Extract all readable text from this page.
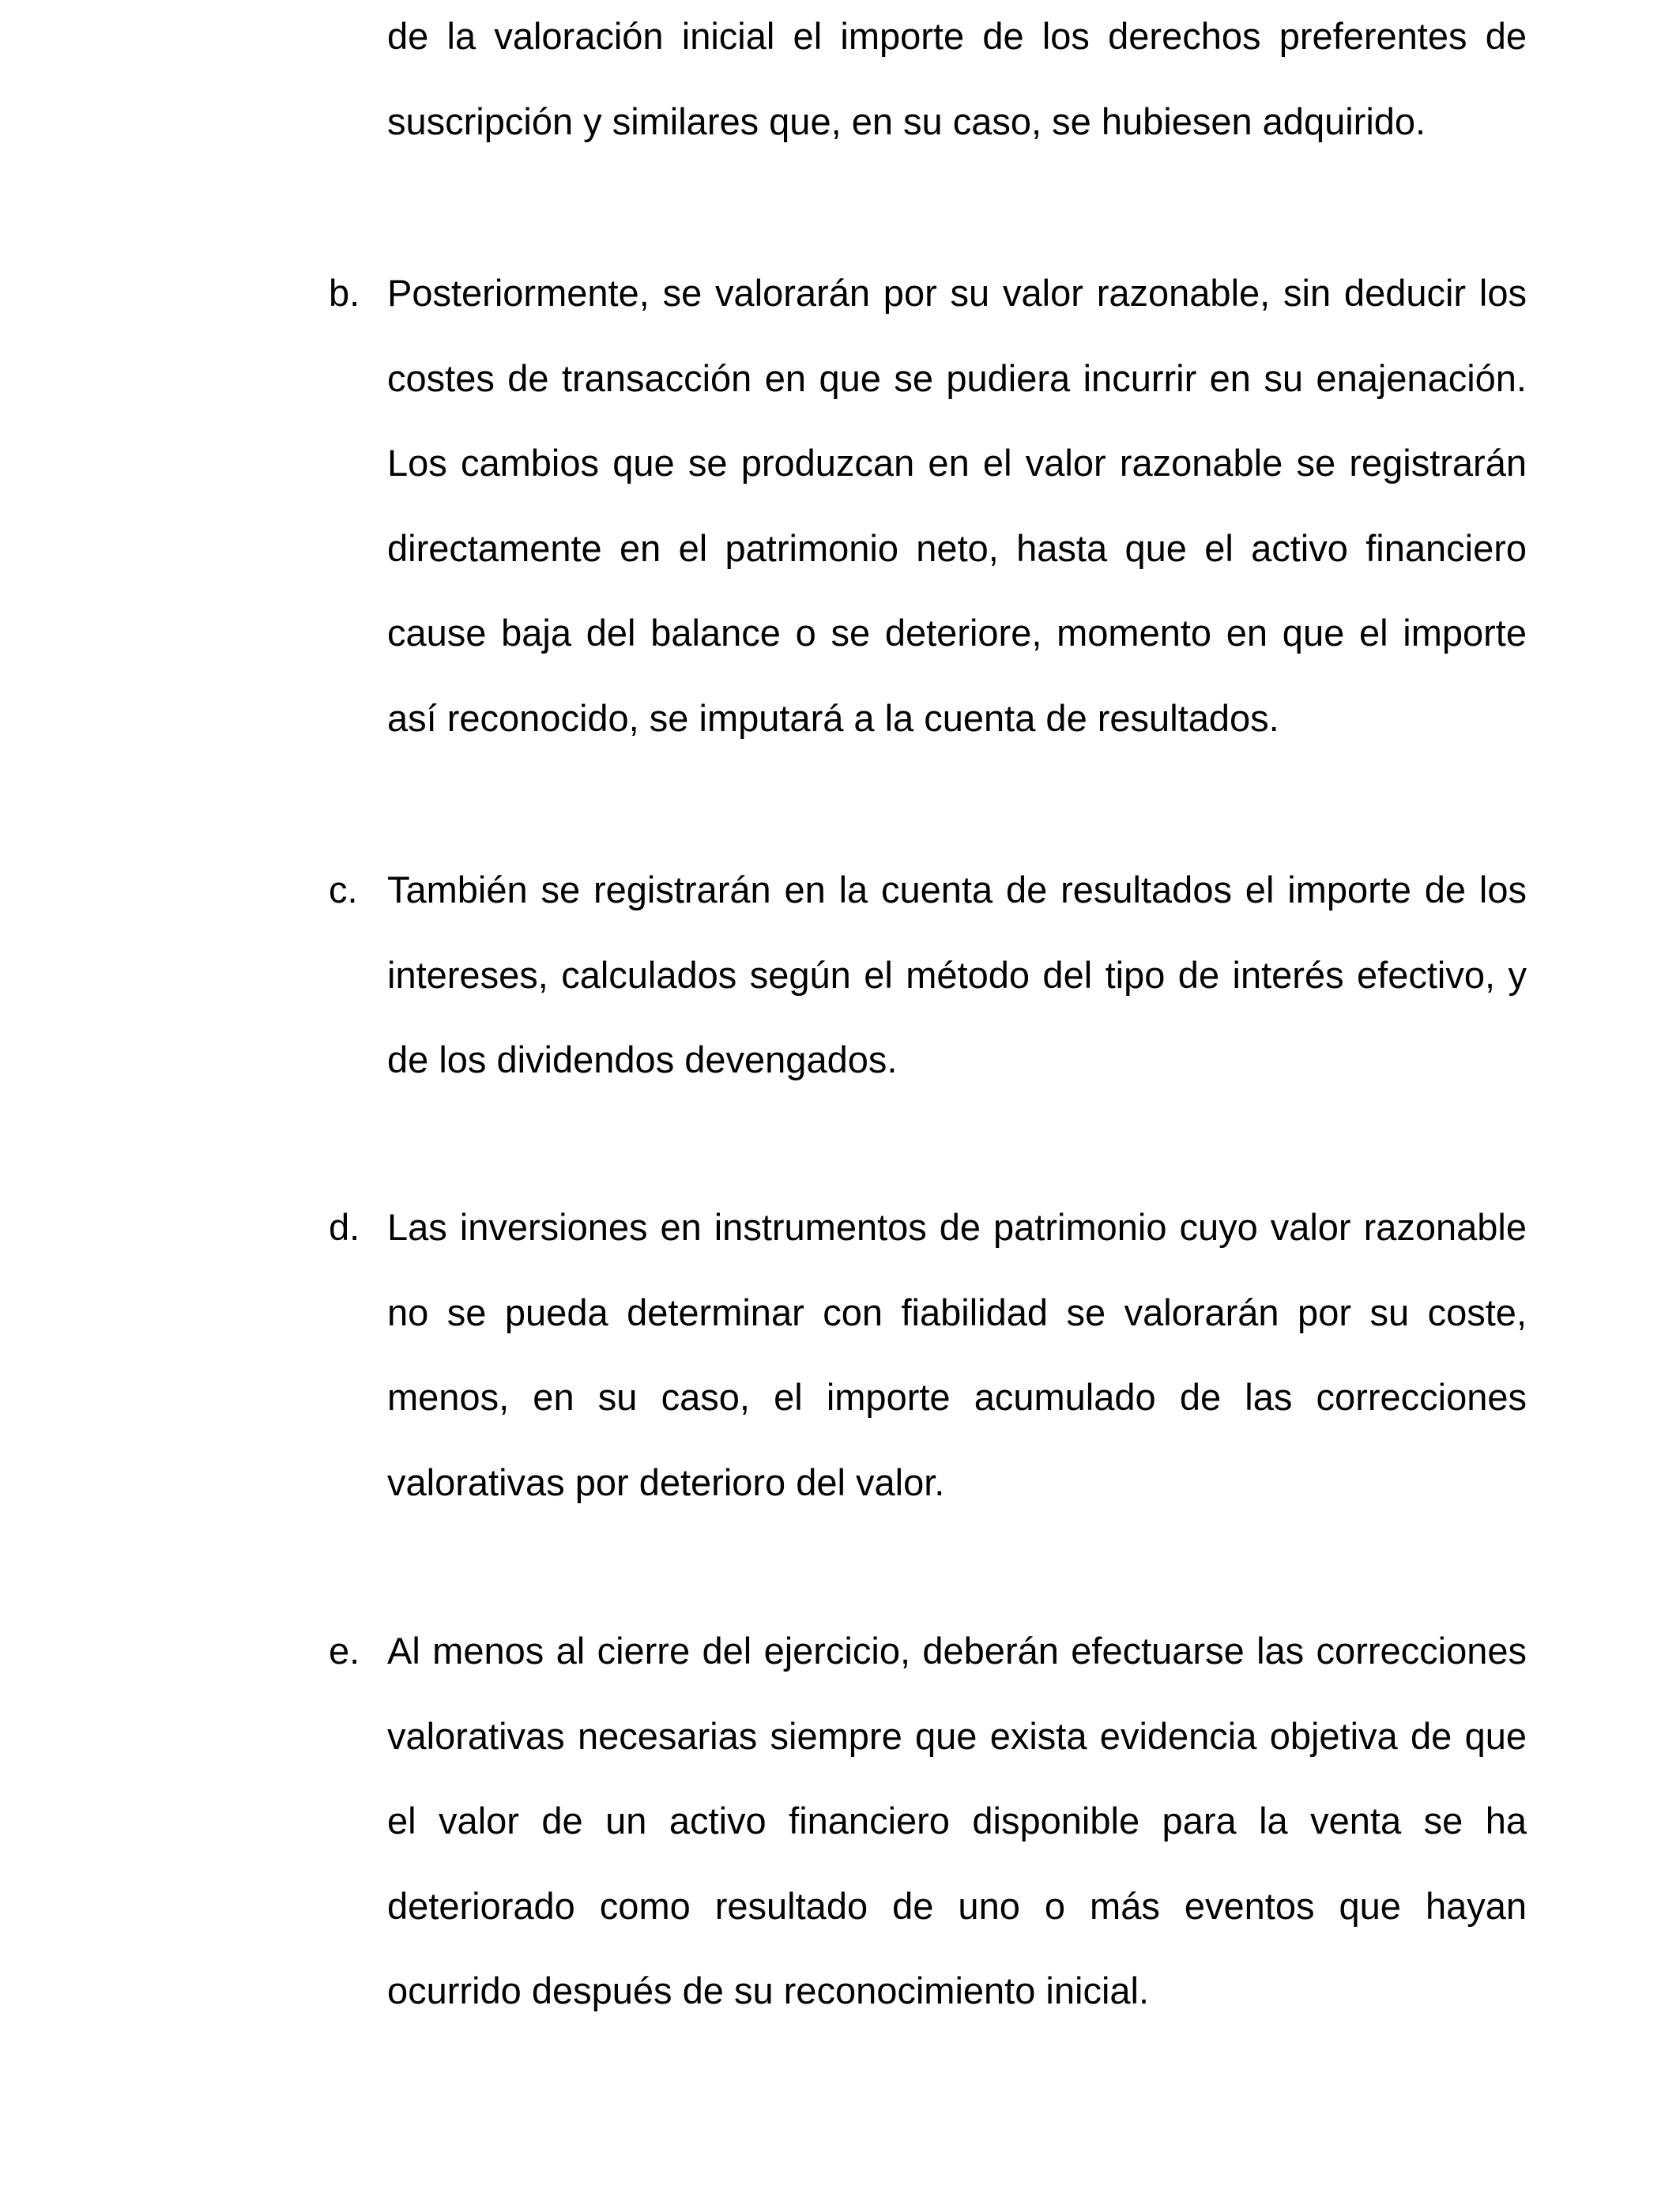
de la valoración inicial el importe de los derechos preferentes de suscripción y similares que, en su caso, se hubiesen adquirido.
b. Posteriormente, se valorarán por su valor razonable, sin deducir los costes de transacción en que se pudiera incurrir en su enajenación. Los cambios que se produzcan en el valor razonable se registrarán directamente en el patrimonio neto, hasta que el activo financiero cause baja del balance o se deteriore, momento en que el importe así reconocido, se imputará a la cuenta de resultados.
c. También se registrarán en la cuenta de resultados el importe de los intereses, calculados según el método del tipo de interés efectivo, y de los dividendos devengados.
d. Las inversiones en instrumentos de patrimonio cuyo valor razonable no se pueda determinar con fiabilidad se valorarán por su coste, menos, en su caso, el importe acumulado de las correcciones valorativas por deterioro del valor.
e. Al menos al cierre del ejercicio, deberán efectuarse las correcciones valorativas necesarias siempre que exista evidencia objetiva de que el valor de un activo financiero disponible para la venta se ha deteriorado como resultado de uno o más eventos que hayan ocurrido después de su reconocimiento inicial.
